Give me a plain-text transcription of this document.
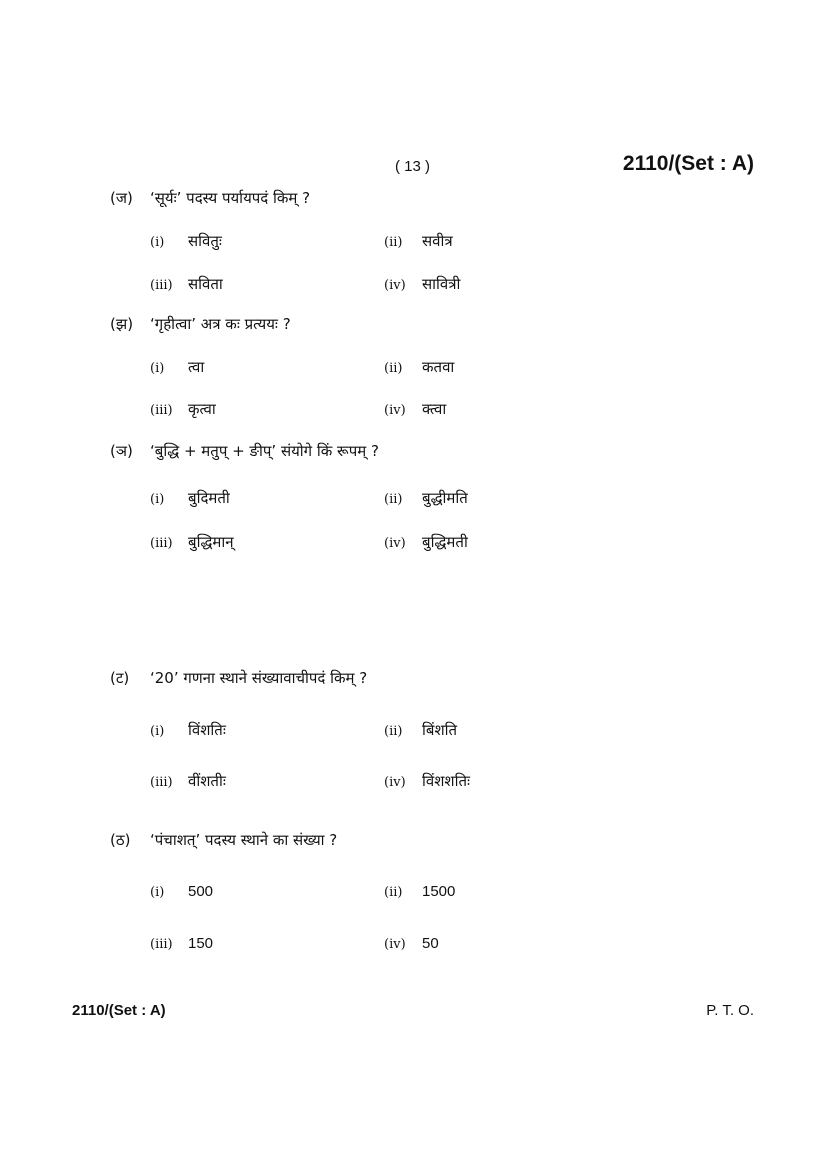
( 13 )	2110/(Set : A)
(ज) ‘सूर्यः’ पदस्य पर्यायपदं किम् ?
(i) सवितुः	(ii) सवीत्र
(iii) सविता	(iv) सावित्री
(झ) ‘गृहीत्वा’ अत्र कः प्रत्ययः ?
(i) त्वा	(ii) कतवा
(iii) कृत्वा	(iv) क्त्वा
(ञ) ‘बुद्धि + मतुप् + ङीप्’ संयोगे किं रूपम् ?
(i) बुदिमती	(ii) बुद्धीमति
(iii) बुद्धिमान्	(iv) बुद्धिमती
(ट) ‘20’ गणना स्थाने संख्यावाचीपदं किम् ?
(i) विंशतिः	(ii) बिंशति
(iii) वींशतीः	(iv) विंशशतिः
(ठ) ‘पंचाशत्’ पदस्य स्थाने का संख्या ?
(i) 500	(ii) 1500
(iii) 150	(iv) 50
2110/(Set : A)	P. T. O.
